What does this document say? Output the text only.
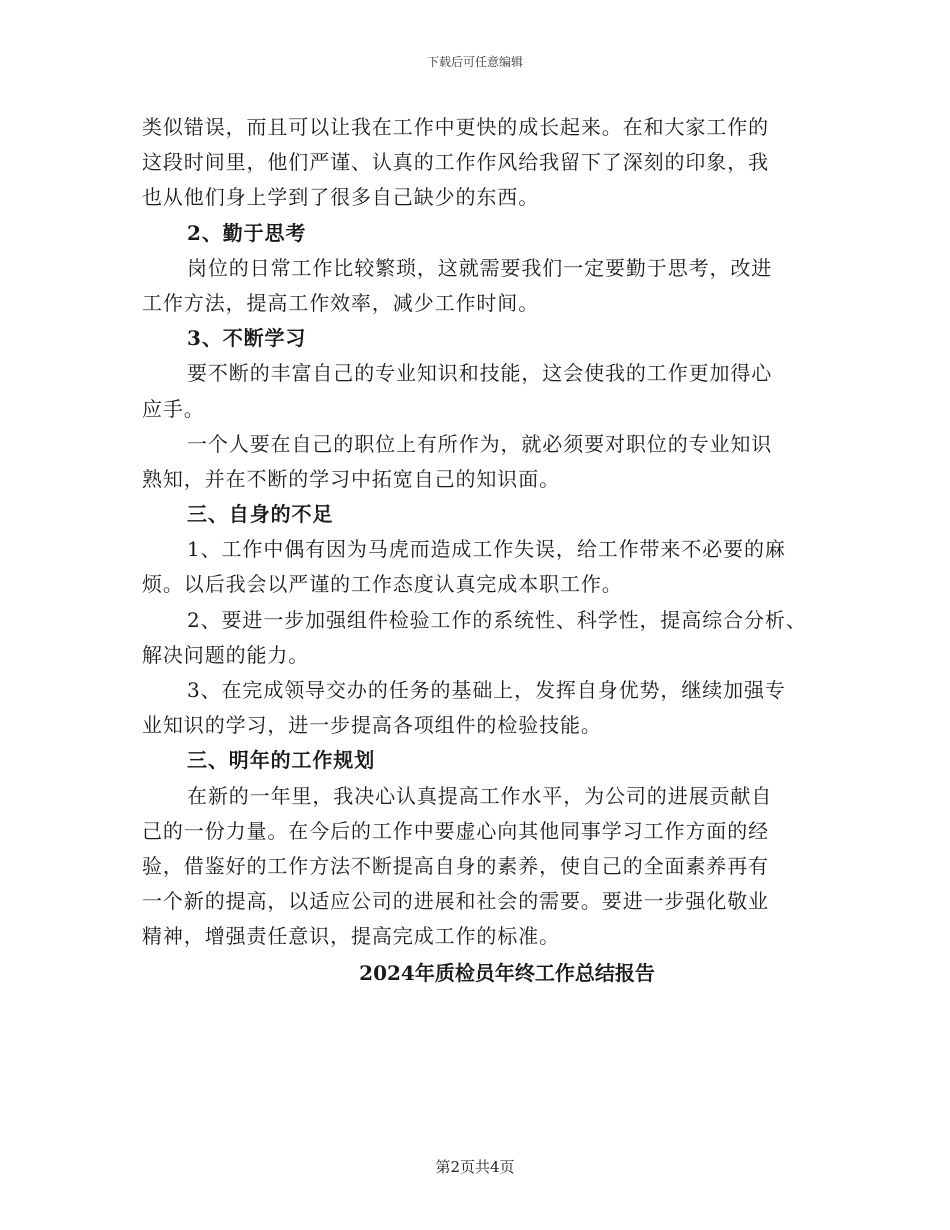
下载后可任意编辑
类似错误，而且可以让我在工作中更快的成长起来。在和大家工作的
这段时间里，他们严谨、认真的工作作风给我留下了深刻的印象，我
也从他们身上学到了很多自己缺少的东西。
2、勤于思考
岗位的日常工作比较繁琐，这就需要我们一定要勤于思考，改进
工作方法，提高工作效率，减少工作时间。
3、不断学习
要不断的丰富自己的专业知识和技能，这会使我的工作更加得心
应手。
一个人要在自己的职位上有所作为，就必须要对职位的专业知识
熟知，并在不断的学习中拓宽自己的知识面。
三、自身的不足
1、工作中偶有因为马虎而造成工作失误，给工作带来不必要的麻
烦。以后我会以严谨的工作态度认真完成本职工作。
2、要进一步加强组件检验工作的系统性、科学性，提高综合分析、
解决问题的能力。
3、在完成领导交办的任务的基础上，发挥自身优势，继续加强专
业知识的学习，进一步提高各项组件的检验技能。
三、明年的工作规划
在新的一年里，我决心认真提高工作水平，为公司的进展贡献自
己的一份力量。在今后的工作中要虚心向其他同事学习工作方面的经
验，借鉴好的工作方法不断提高自身的素养，使自己的全面素养再有
一个新的提高，以适应公司的进展和社会的需要。要进一步强化敬业
精神，增强责任意识，提高完成工作的标准。
2024年质检员年终工作总结报告
第2页共4页
